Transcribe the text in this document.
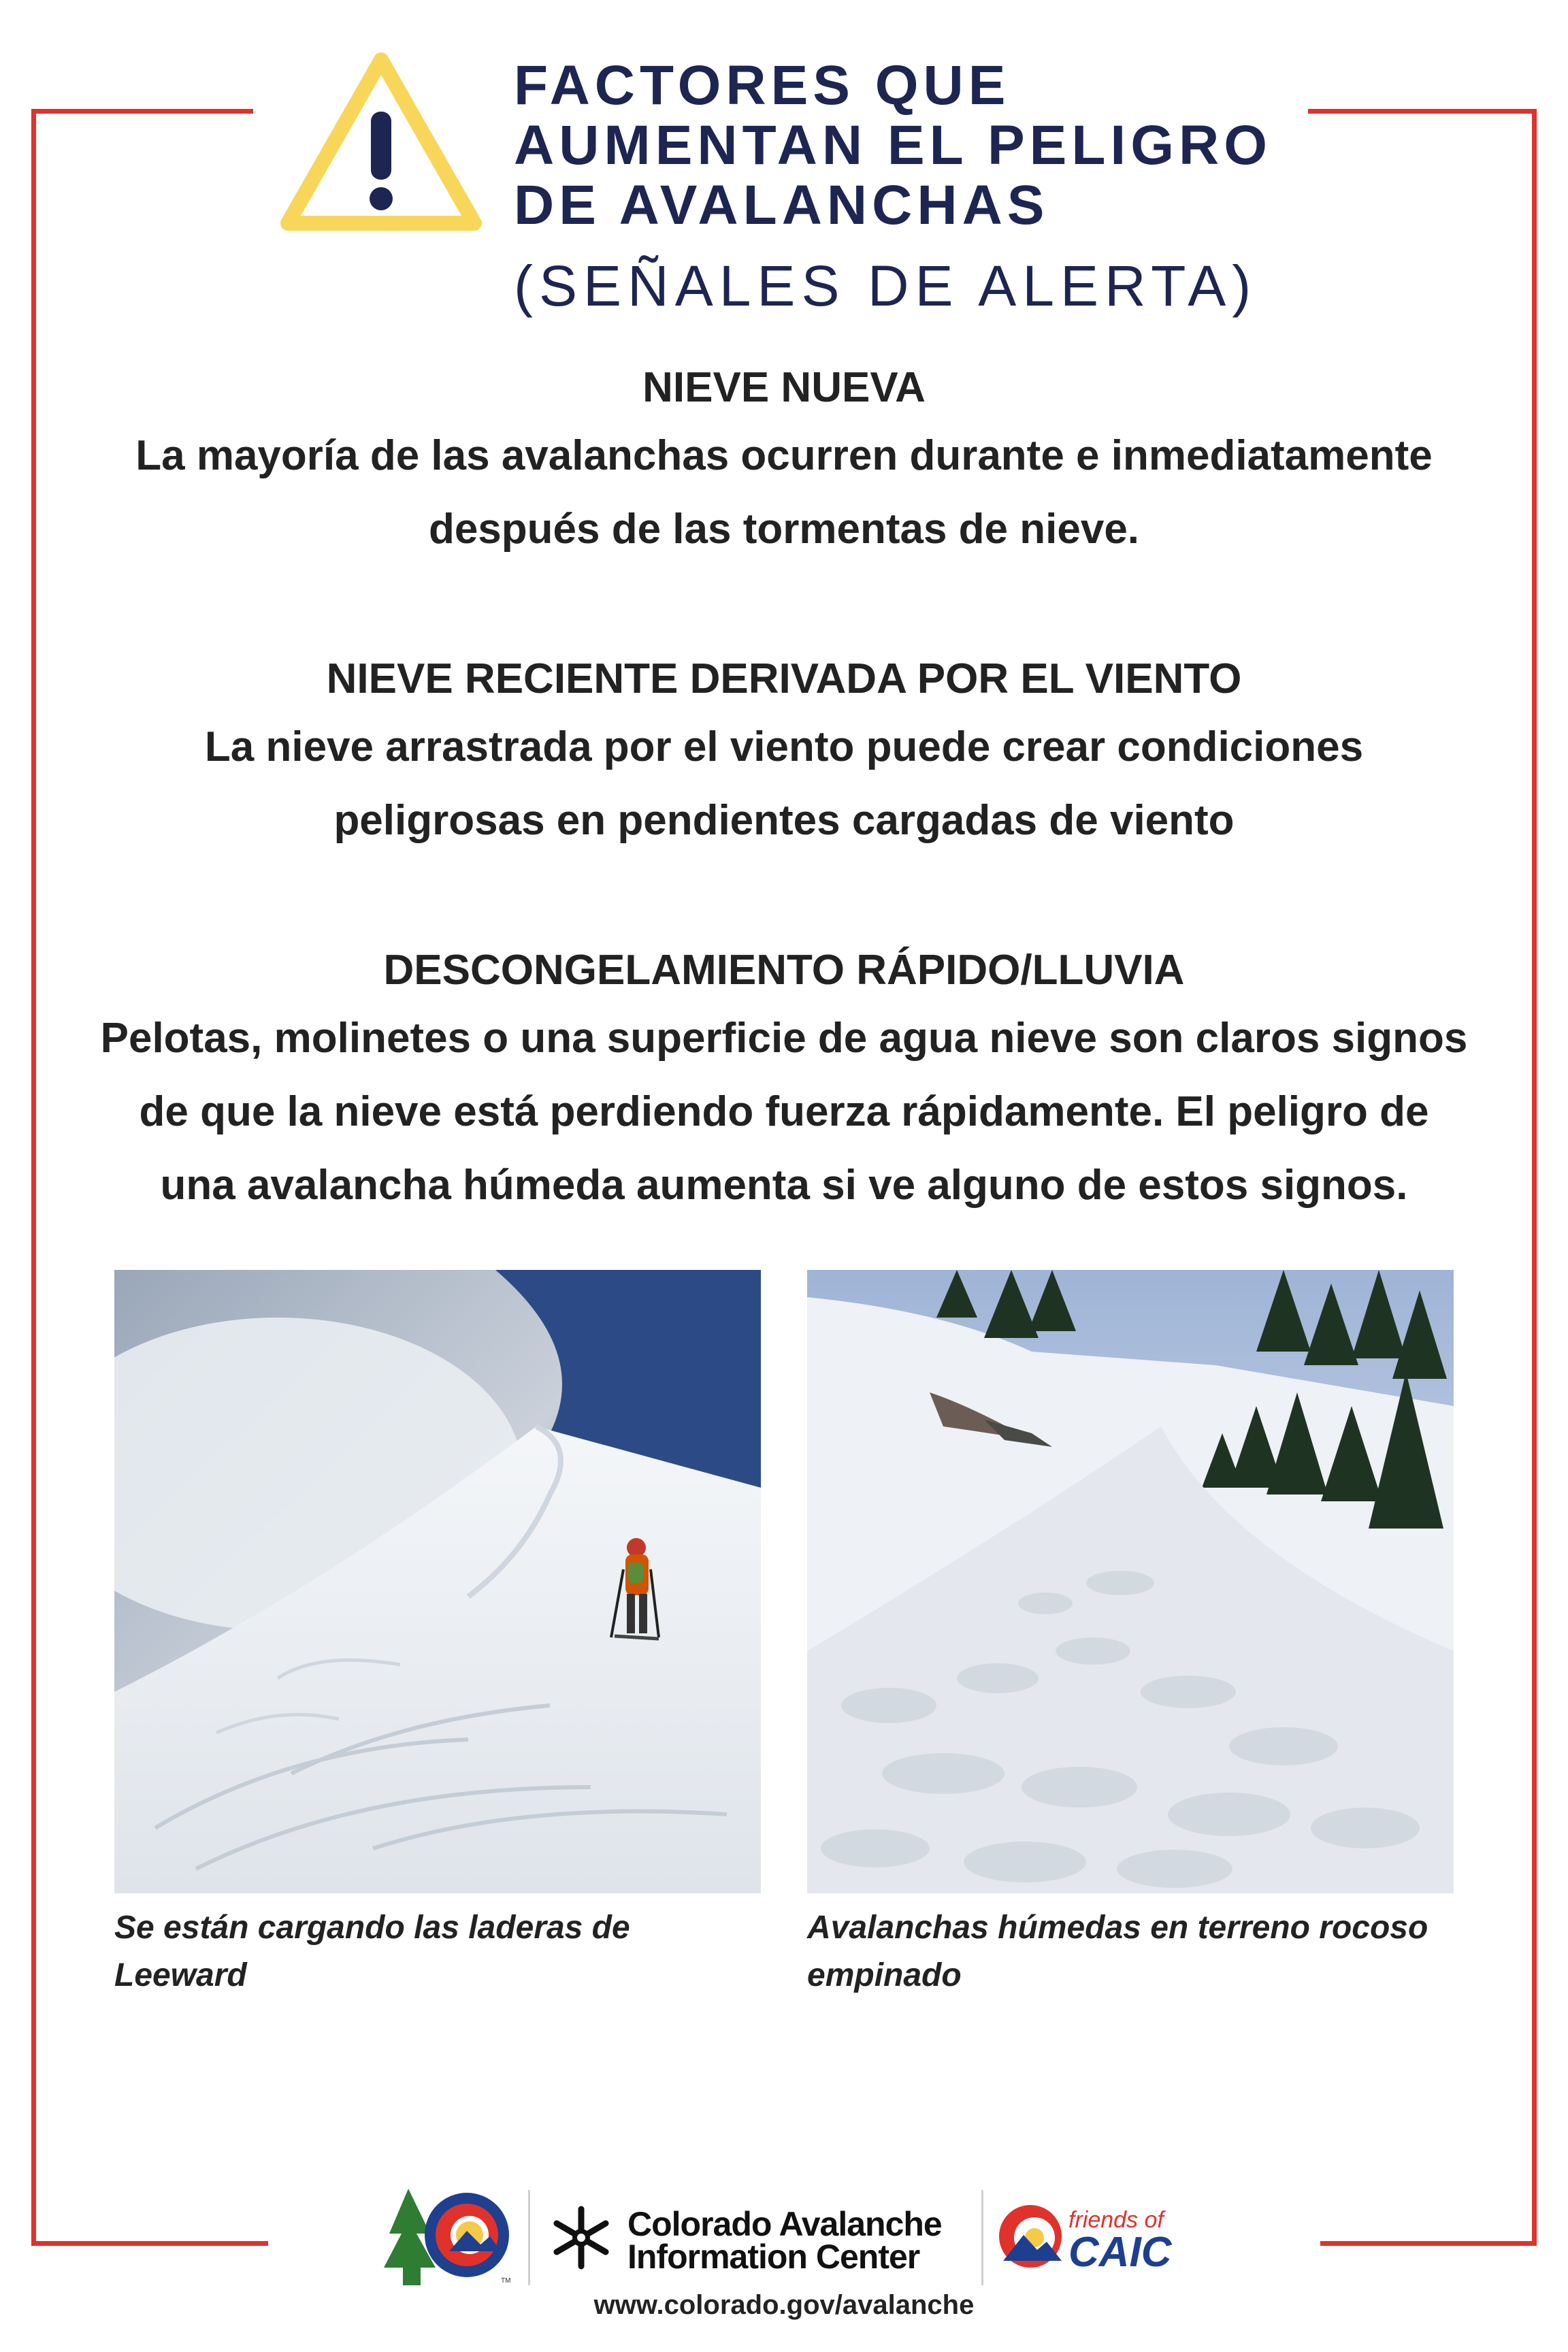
FACTORES QUE
AUMENTAN EL PELIGRO
DE AVALANCHAS
(SEÑALES DE ALERTA)
NIEVE NUEVA
La mayoría de las avalanchas ocurren durante e inmediatamente
después de las tormentas de nieve.
NIEVE RECIENTE DERIVADA POR EL VIENTO
La nieve arrastrada por el viento puede crear condiciones
peligrosas en pendientes cargadas de viento
DESCONGELAMIENTO RÁPIDO/LLUVIA
Pelotas, molinetes o una superficie de agua nieve son claros signos
de que la nieve está perdiendo fuerza rápidamente. El peligro de
una avalancha húmeda aumenta si ve alguno de estos signos.
Se están cargando las laderas de
Leeward
Avalanchas húmedas en terreno rocoso
empinado
TM
Colorado Avalanche
Information Center
friends of
CAIC
www.colorado.gov/avalanche
